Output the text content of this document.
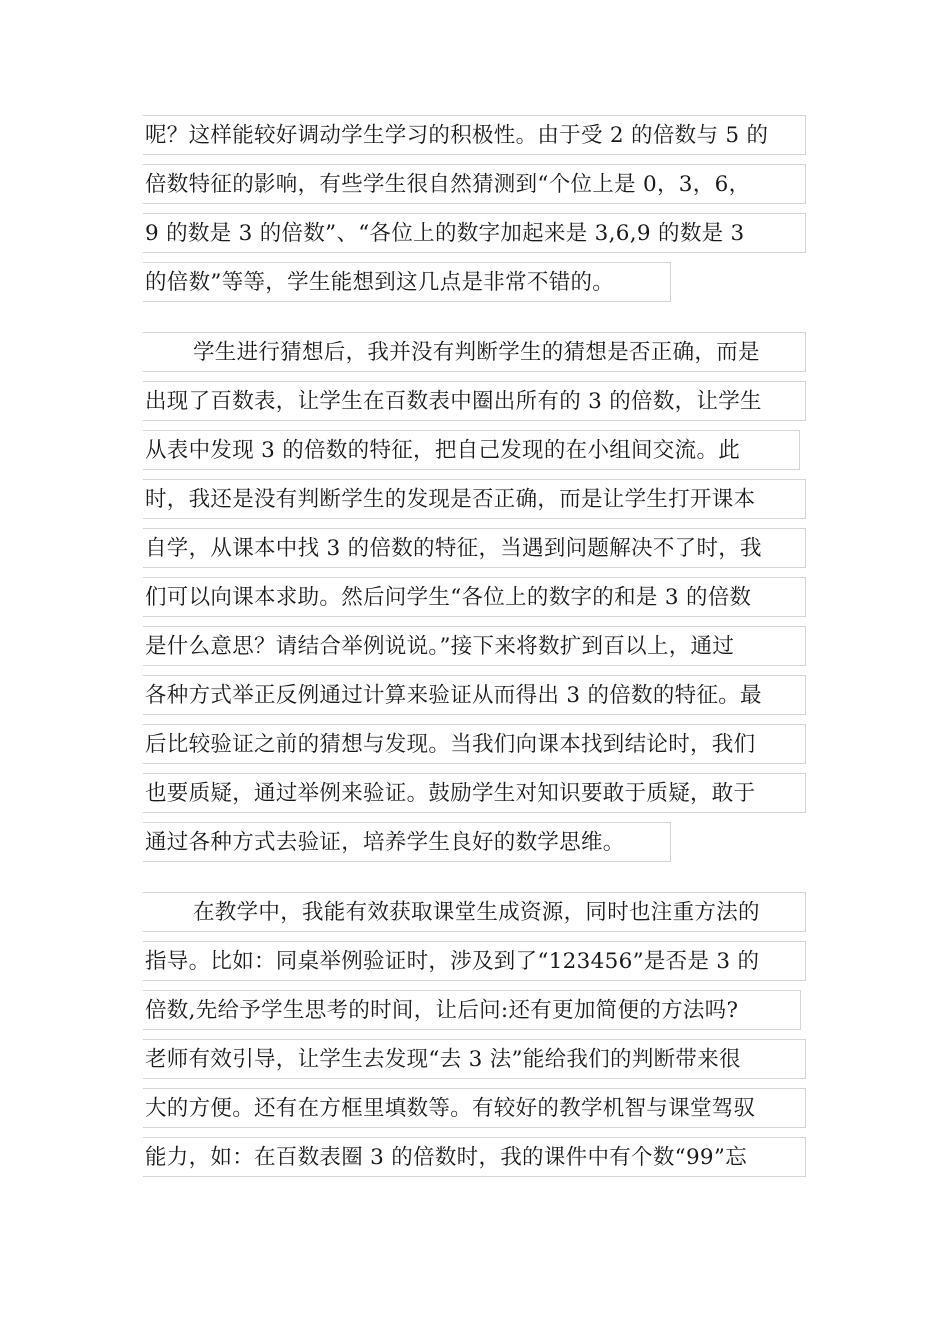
呢？这样能较好调动学生学习的积极性。由于受 2 的倍数与 5 的
倍数特征的影响，有些学生很自然猜测到“个位上是 0，3，6，
9 的数是 3 的倍数”、“各位上的数字加起来是 3,6,9 的数是 3
的倍数”等等，学生能想到这几点是非常不错的。
学生进行猜想后，我并没有判断学生的猜想是否正确，而是
出现了百数表，让学生在百数表中圈出所有的 3 的倍数，让学生
从表中发现 3 的倍数的特征，把自己发现的在小组间交流。此
时，我还是没有判断学生的发现是否正确，而是让学生打开课本
自学，从课本中找 3 的倍数的特征，当遇到问题解决不了时，我
们可以向课本求助。然后问学生“各位上的数字的和是 3 的倍数
是什么意思？请结合举例说说。”接下来将数扩到百以上，通过
各种方式举正反例通过计算来验证从而得出 3 的倍数的特征。最
后比较验证之前的猜想与发现。当我们向课本找到结论时，我们
也要质疑，通过举例来验证。鼓励学生对知识要敢于质疑，敢于
通过各种方式去验证，培养学生良好的数学思维。
在教学中，我能有效获取课堂生成资源，同时也注重方法的
指导。比如：同桌举例验证时，涉及到了“123456”是否是 3 的
倍数,先给予学生思考的时间，让后问:还有更加简便的方法吗?
老师有效引导，让学生去发现“去 3 法”能给我们的判断带来很
大的方便。还有在方框里填数等。有较好的教学机智与课堂驾驭
能力，如：在百数表圈 3 的倍数时，我的课件中有个数“99”忘
